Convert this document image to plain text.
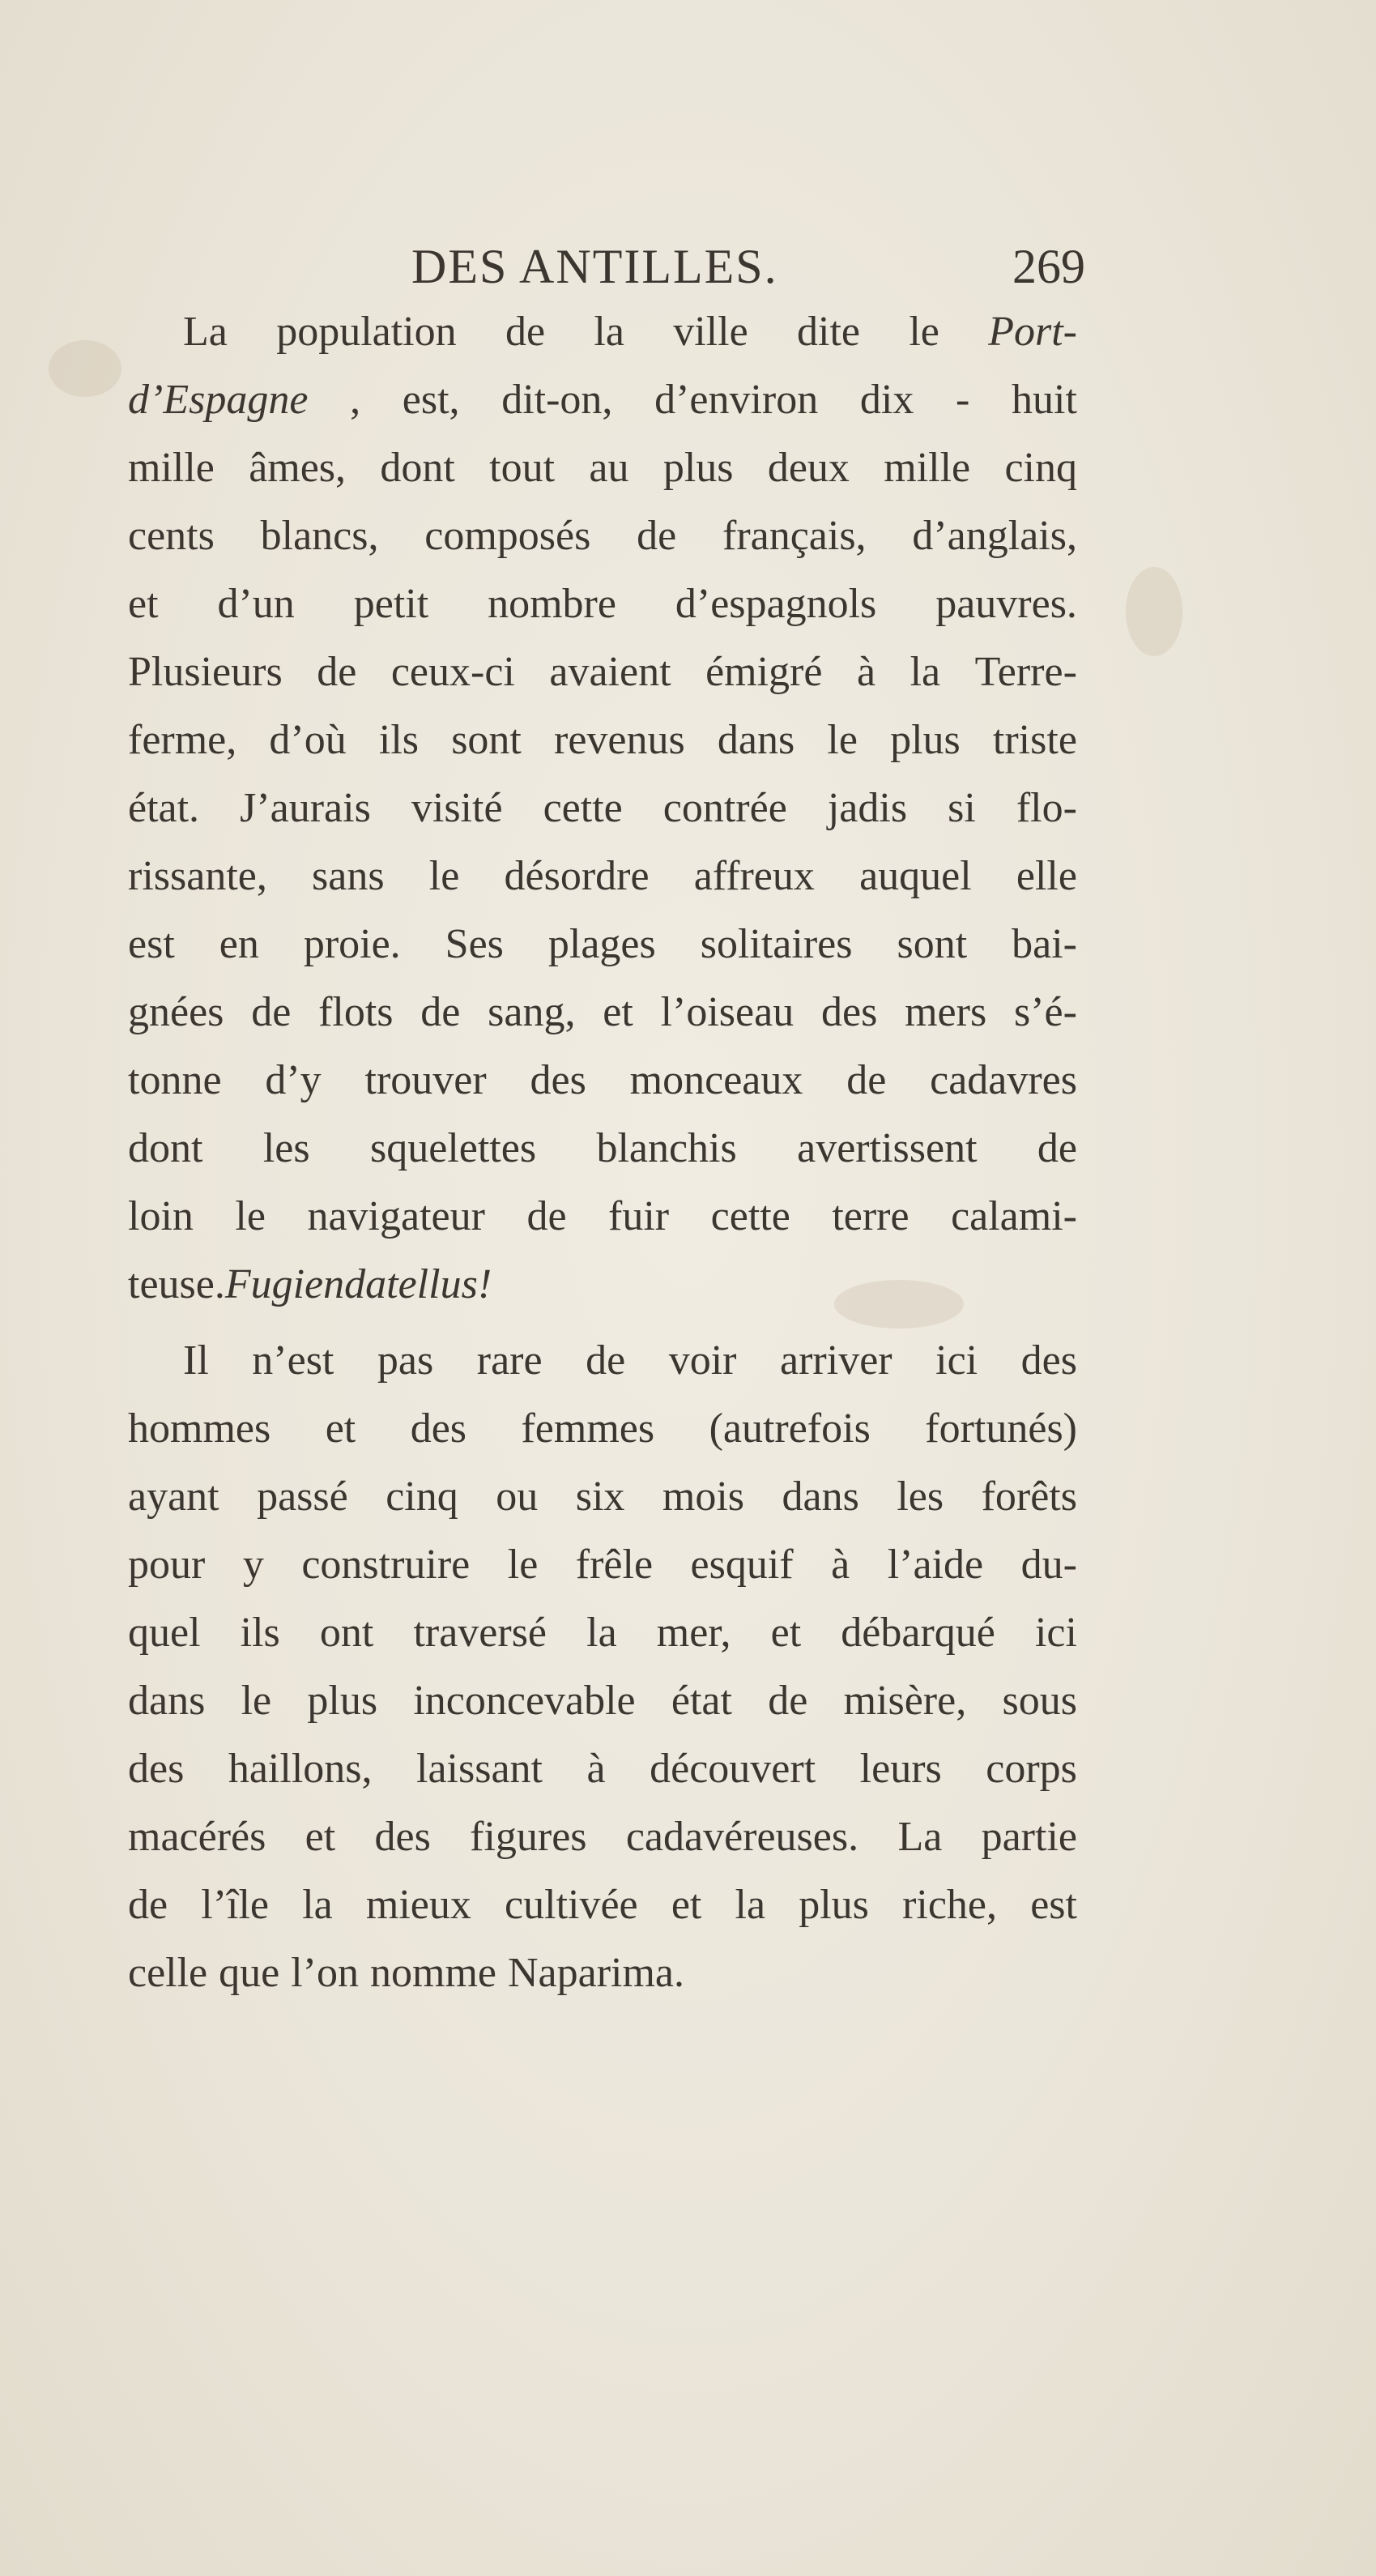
DES ANTILLES.	269
La population de la ville dite le Port-
d’Espagne , est, dit-on, d’environ dix - huit
mille âmes, dont tout au plus deux mille cinq
cents blancs, composés de français, d’anglais,
et d’un petit nombre d’espagnols pauvres.
Plusieurs de ceux-ci avaient émigré à la Terre-
ferme, d’où ils sont revenus dans le plus triste
état. J’aurais visité cette contrée jadis si flo-
rissante, sans le désordre affreux auquel elle
est en proie. Ses plages solitaires sont bai-
gnées de flots de sang, et l’oiseau des mers s’é-
tonne d’y trouver des monceaux de cadavres
dont les squelettes blanchis avertissent de
loin le navigateur de fuir cette terre calami-
teuse. Fugienda tellus !
Il n’est pas rare de voir arriver ici des
hommes et des femmes (autrefois fortunés)
ayant passé cinq ou six mois dans les forêts
pour y construire le frêle esquif à l’aide du-
quel ils ont traversé la mer, et débarqué ici
dans le plus inconcevable état de misère, sous
des haillons, laissant à découvert leurs corps
macérés et des figures cadavéreuses. La partie
de l’île la mieux cultivée et la plus riche, est
celle que l’on nomme Naparima.
